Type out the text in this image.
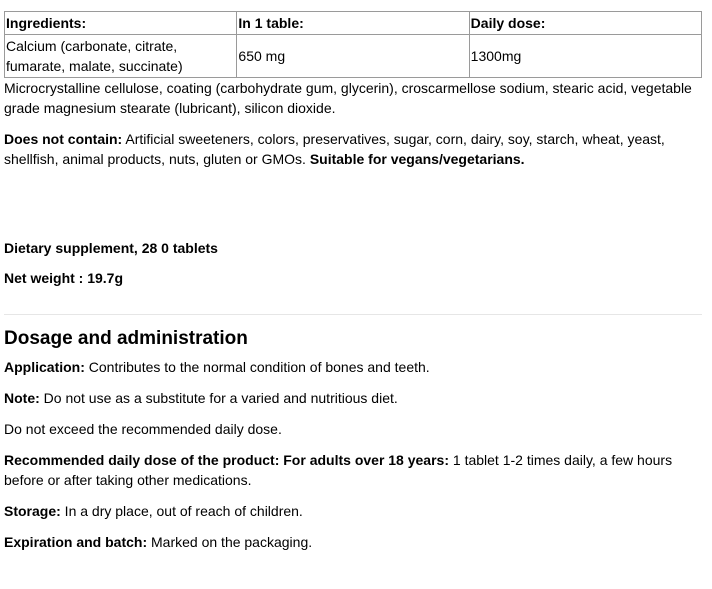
Ingredients:	In 1 table:	Daily dose:
Calcium (carbonate, citrate, fumarate, malate, succinate)	650 mg	1300mg

Microcrystalline cellulose, coating (carbohydrate gum, glycerin), croscarmellose sodium, stearic acid, vegetable grade magnesium stearate (lubricant), silicon dioxide.

Does not contain: Artificial sweeteners, colors, preservatives, sugar, corn, dairy, soy, starch, wheat, yeast, shellfish, animal products, nuts, gluten or GMOs. Suitable for vegans/vegetarians.

Dietary supplement, 28 0 tablets

Net weight : 19.7g

Dosage and administration

Application: Contributes to the normal condition of bones and teeth.

Note: Do not use as a substitute for a varied and nutritious diet.

Do not exceed the recommended daily dose.

Recommended daily dose of the product: For adults over 18 years: 1 tablet 1-2 times daily, a few hours before or after taking other medications.

Storage: In a dry place, out of reach of children.

Expiration and batch: Marked on the packaging.
